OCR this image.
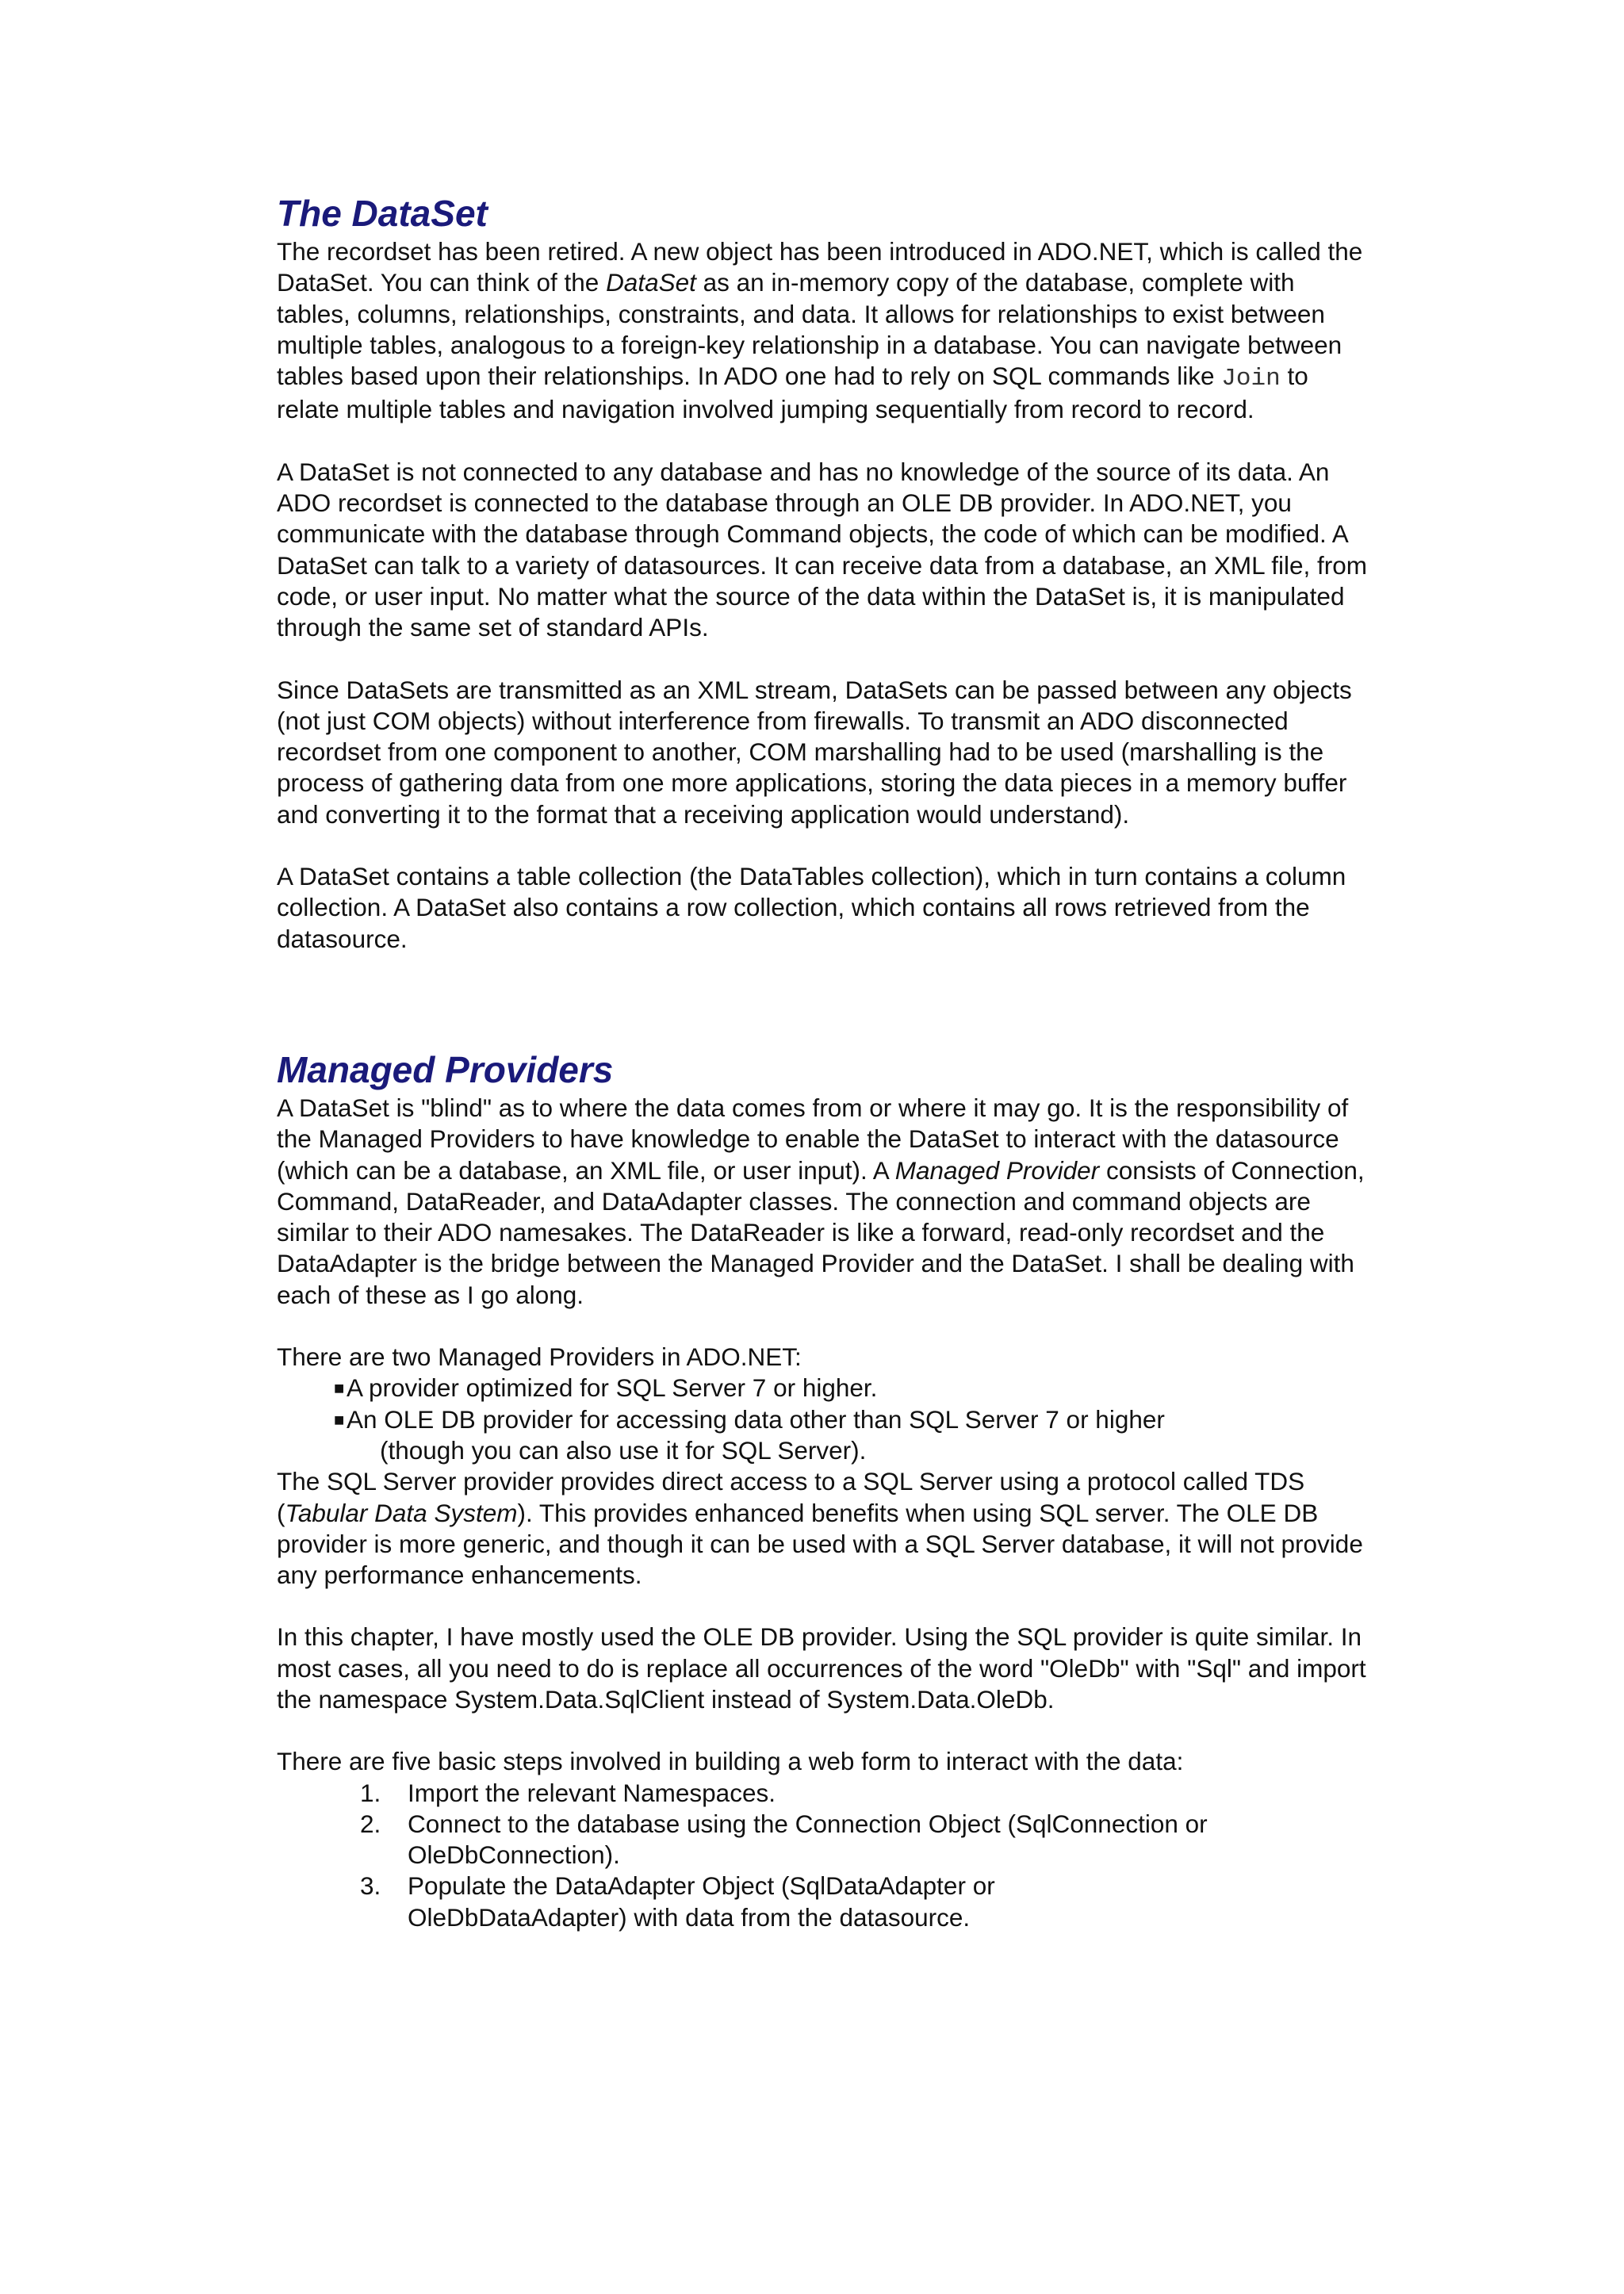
The DataSet

The recordset has been retired. A new object has been introduced in ADO.NET, which is called the DataSet. You can think of the DataSet as an in-memory copy of the database, complete with tables, columns, relationships, constraints, and data. It allows for relationships to exist between multiple tables, analogous to a foreign-key relationship in a database. You can navigate between tables based upon their relationships. In ADO one had to rely on SQL commands like Join to relate multiple tables and navigation involved jumping sequentially from record to record.

A DataSet is not connected to any database and has no knowledge of the source of its data. An ADO recordset is connected to the database through an OLE DB provider. In ADO.NET, you communicate with the database through Command objects, the code of which can be modified. A DataSet can talk to a variety of datasources. It can receive data from a database, an XML file, from code, or user input. No matter what the source of the data within the DataSet is, it is manipulated through the same set of standard APIs.

Since DataSets are transmitted as an XML stream, DataSets can be passed between any objects (not just COM objects) without interference from firewalls. To transmit an ADO disconnected recordset from one component to another, COM marshalling had to be used (marshalling is the process of gathering data from one more applications, storing the data pieces in a memory buffer and converting it to the format that a receiving application would understand).

A DataSet contains a table collection (the DataTables collection), which in turn contains a column collection. A DataSet also contains a row collection, which contains all rows retrieved from the datasource.

Managed Providers

A DataSet is "blind" as to where the data comes from or where it may go. It is the responsibility of the Managed Providers to have knowledge to enable the DataSet to interact with the datasource (which can be a database, an XML file, or user input). A Managed Provider consists of Connection, Command, DataReader, and DataAdapter classes. The connection and command objects are similar to their ADO namesakes. The DataReader is like a forward, read-only recordset and the DataAdapter is the bridge between the Managed Provider and the DataSet. I shall be dealing with each of these as I go along.

There are two Managed Providers in ADO.NET:

■ A provider optimized for SQL Server 7 or higher.
■ An OLE DB provider for accessing data other than SQL Server 7 or higher
(though you can also use it for SQL Server).

The SQL Server provider provides direct access to a SQL Server using a protocol called TDS (Tabular Data System). This provides enhanced benefits when using SQL server. The OLE DB provider is more generic, and though it can be used with a SQL Server database, it will not provide any performance enhancements.

In this chapter, I have mostly used the OLE DB provider. Using the SQL provider is quite similar. In most cases, all you need to do is replace all occurrences of the word "OleDb" with "Sql" and import the namespace System.Data.SqlClient instead of System.Data.OleDb.

There are five basic steps involved in building a web form to interact with the data:

1. Import the relevant Namespaces.
2. Connect to the database using the Connection Object (SqlConnection or
OleDbConnection).
3. Populate the DataAdapter Object (SqlDataAdapter or
OleDbDataAdapter) with data from the datasource.
